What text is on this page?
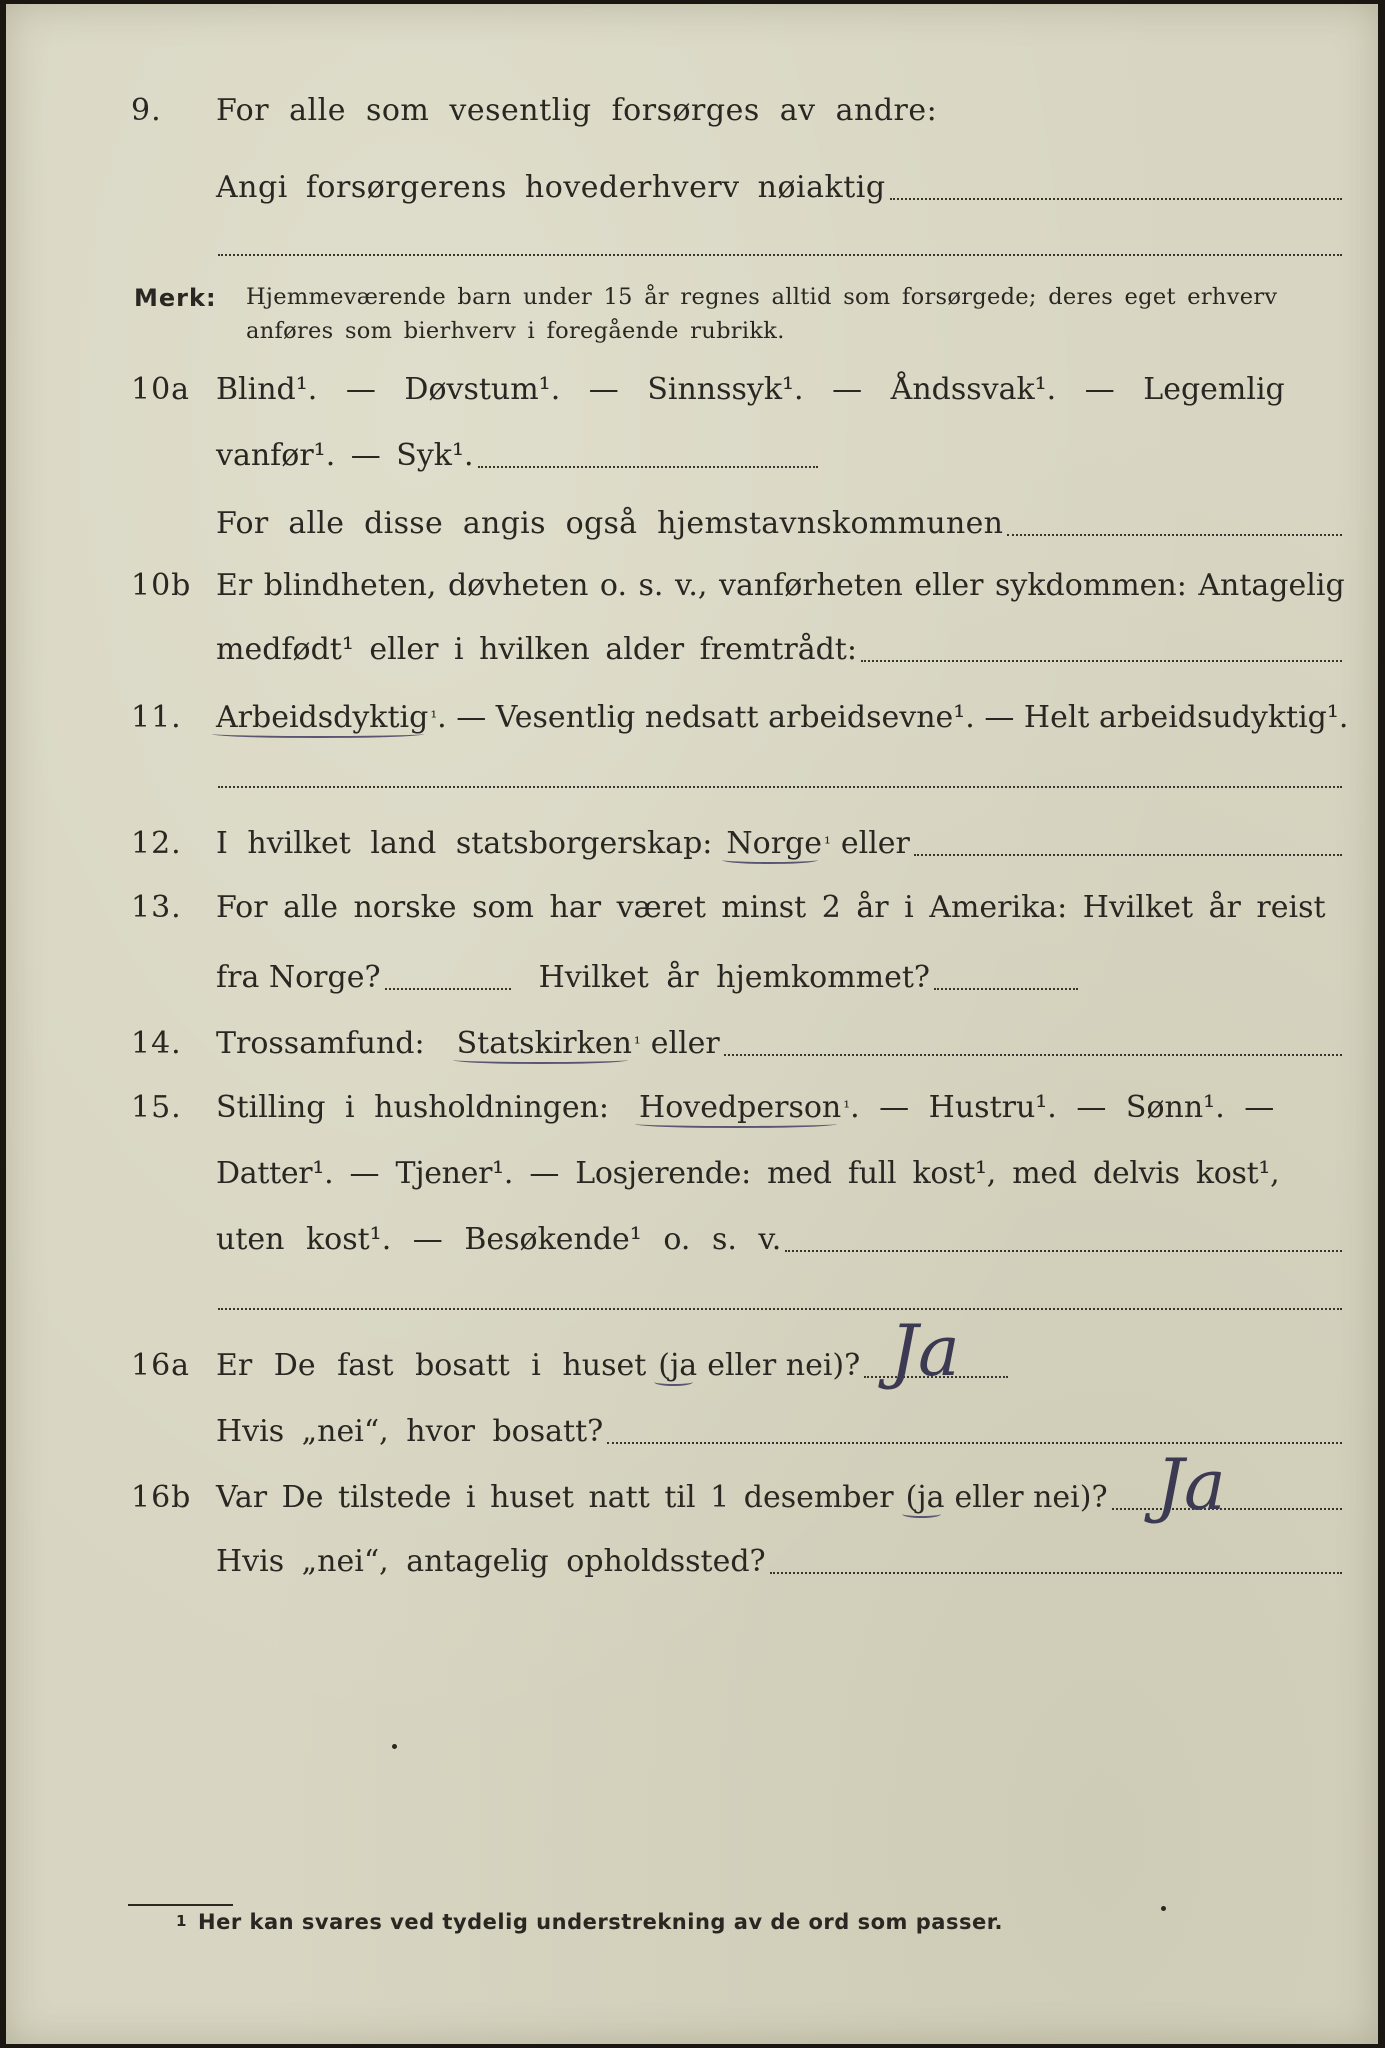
9. For alle som vesentlig forsørges av andre:
Angi forsørgerens hovederhverv nøiaktig
Merk: Hjemmeværende barn under 15 år regnes alltid som forsørgede; deres eget erhverv
anføres som bierhverv i foregående rubrikk.
10a Blind¹. — Døvstum¹. — Sinnssyk¹. — Åndssvak¹. — Legemlig
vanfør¹. — Syk¹.
For alle disse angis også hjemstavnskommunen
10b Er blindheten, døvheten o. s. v., vanførheten eller sykdommen: Antagelig
medfødt¹ eller i hvilken alder fremtrådt:
11. Arbeidsdyktig ¹ . — Vesentlig nedsatt arbeidsevne¹. — Helt arbeidsudyktig¹.
12. I hvilket land statsborgerskap: Norge ¹ eller
13. For alle norske som har været minst 2 år i Amerika: Hvilket år reist
fra Norge?	Hvilket år hjemkommet?
14. Trossamfund: Statskirken ¹ eller
15. Stilling i husholdningen: Hovedperson ¹ . — Hustru¹. — Sønn¹. —
Datter¹. — Tjener¹. — Losjerende: med full kost¹, med delvis kost¹,
uten kost¹. — Besøkende¹ o. s. v.
16a Er De fast bosatt i huset (ja eller nei)? Ja
Hvis „nei“, hvor bosatt?
16b Var De tilstede i huset natt til 1 desember (ja eller nei)? Ja
Hvis „nei“, antagelig opholdssted?
1 Her kan svares ved tydelig understrekning av de ord som passer.
